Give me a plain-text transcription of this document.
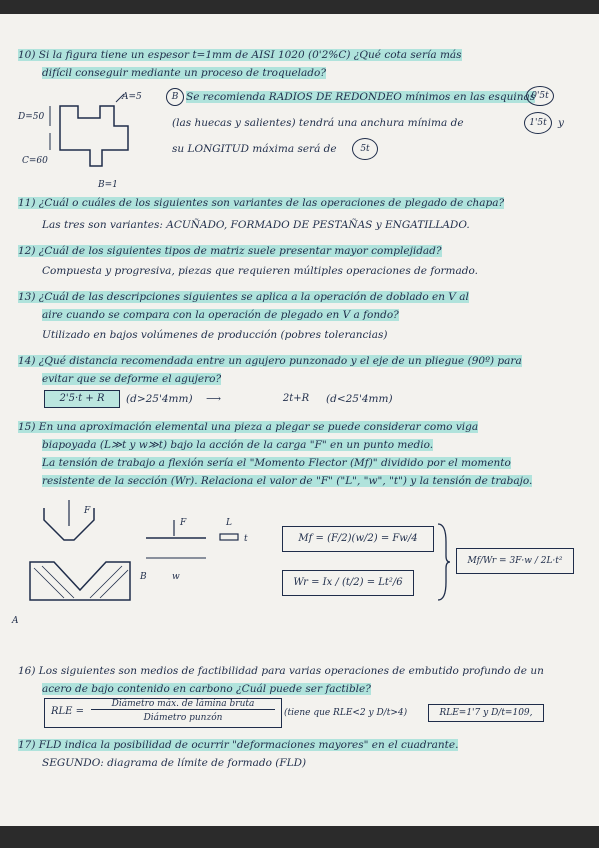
10) Si la figura tiene un espesor t=1mm de AISI 1020 (0'2%C) ¿Qué cota sería más
difícil conseguir mediante un proceso de troquelado?
A=5
D=50
C=60
B=1
B Se recomienda RADIOS DE REDONDEO mínimos en las esquinas
0'5t
(las huecas y salientes) tendrá una anchura mínima de	1'5t	y
su LONGITUD máxima será de	5t
11) ¿Cuál o cuáles de los siguientes son variantes de las operaciones de plegado de chapa?
Las tres son variantes: ACUÑADO, FORMADO DE PESTAÑAS y ENGATILLADO.
12) ¿Cuál de los siguientes tipos de matriz suele presentar mayor complejidad?
Compuesta y progresiva, piezas que requieren múltiples operaciones de formado.
13) ¿Cuál de las descripciones siguientes se aplica a la operación de doblado en V al
aire cuando se compara con la operación de plegado en V a fondo?
Utilizado en bajos volúmenes de producción (pobres tolerancias)
14) ¿Qué distancia recomendada entre un agujero punzonado y el eje de un pliegue (90º) para
evitar que se deforme el agujero?
2'5·t + R	(d>25'4mm) ⟶	2t+R	(d<25'4mm)
15) En una aproximación elemental una pieza a plegar se puede considerar como viga
biapoyada (L≫t y w≫t) bajo la acción de la carga "F" en un punto medio.
La tensión de trabajo a flexión sería el "Momento Flector (Mf)" dividido por el momento
resistente de la sección (Wr). Relaciona el valor de "F" ("L", "w", "t") y la tensión de trabajo.
F
A
F	L
t
B	w
Mf = (F/2)(w/2) = Fw/4
Wr = Ix / (t/2) = Lt²/6
Mf/Wr = 3F·w / 2L·t²
16) Los siguientes son medios de factibilidad para varias operaciones de embutido profundo de un
acero de bajo contenido en carbono ¿Cuál puede ser factible?
RLE =
Diámetro máx. de lámina bruta
Diámetro punzón	(tiene que RLE<2 y D/t>4)	RLE=1'7 y D/t=109,
17) FLD indica la posibilidad de ocurrir "deformaciones mayores" en el cuadrante.
SEGUNDO: diagrama de límite de formado (FLD)
